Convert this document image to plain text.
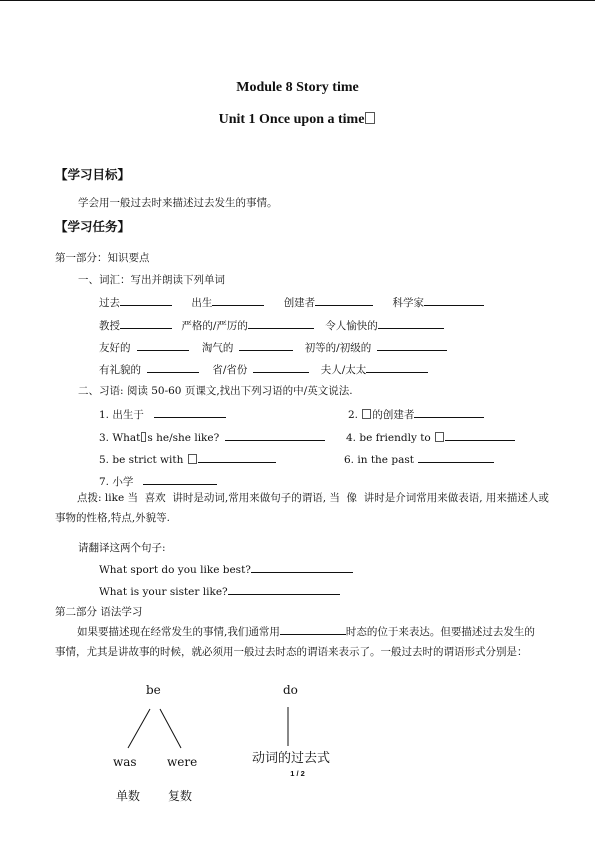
Module 8 Story time
Unit 1 Once upon a time
【学习目标】
学会用一般过去时来描述过去发生的事情。
【学习任务】
第一部分：知识要点
一、词汇：写出并朗读下列单词
过去	出生	创建者	科学家
教授	严格的/严厉的	令人愉快的
友好的	淘气的	初等的/初级的
有礼貌的	省/省份	夫人/太太
二、习语: 阅读 50-60 页课文,找出下列习语的中/英文说法.
1. 出生于	2. 的创建者
3. What s he/she like?	4. be friendly to
5. be strict with	6. in the past
7. 小学
点拨: like 当  喜欢  讲时是动词,常用来做句子的谓语, 当  像  讲时是介词常用来做表语, 用来描述人或事物的性格,特点,外貌等.
请翻译这两个句子:
What sport do you like best?
What is your sister like?
第二部分 语法学习
如果要描述现在经常发生的事情,我们通常用	时态的位于来表达。但要描述过去发生的事情，尤其是讲故事的时候，就必须用一般过去时态的谓语来表示了。一般过去时的谓语形式分别是：
be	do
was	were	动词的过去式
1 / 2
单数 复数
